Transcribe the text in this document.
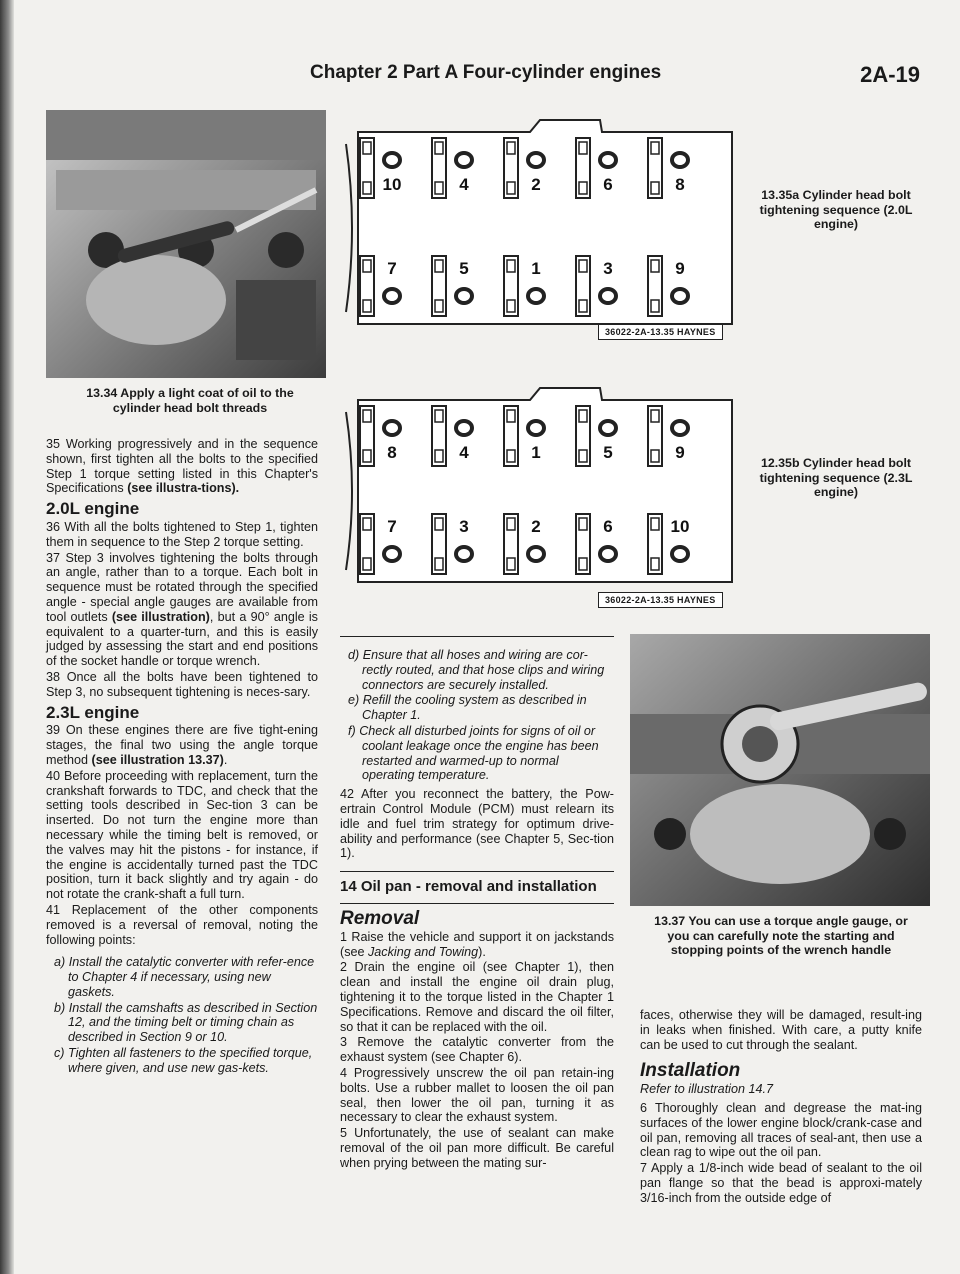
Chapter 2 Part A Four-cylinder engines	2A-19
13.34 Apply a light coat of oil to the cylinder head bolt threads
10	4	2	6	8
7	5	1	3	9
36022-2A-13.35 HAYNES
13.35a Cylinder head bolt tightening sequence (2.0L engine)
8	4	1	5	9
7	3	2	6	10
36022-2A-13.35 HAYNES
12.35b Cylinder head bolt tightening sequence (2.3L engine)
13.37 You can use a torque angle gauge, or you can carefully note the starting and stopping points of the wrench handle

35 Working progressively and in the sequence shown, first tighten all the bolts to the specified Step 1 torque setting listed in this Chapter's Specifications (see illustra-tions).

2.0L engine

36 With all the bolts tightened to Step 1, tighten them in sequence to the Step 2 torque setting.

37 Step 3 involves tightening the bolts through an angle, rather than to a torque. Each bolt in sequence must be rotated through the specified angle - special angle gauges are available from tool outlets (see illustration), but a 90° angle is equivalent to a quarter-turn, and this is easily judged by assessing the start and end positions of the socket handle or torque wrench.

38 Once all the bolts have been tightened to Step 3, no subsequent tightening is neces-sary.

2.3L engine

39 On these engines there are five tight-ening stages, the final two using the angle torque method (see illustration 13.37).

40 Before proceeding with replacement, turn the crankshaft forwards to TDC, and check that the setting tools described in Sec-tion 3 can be inserted. Do not turn the engine more than necessary while the timing belt is removed, or the valves may hit the pistons - for instance, if the engine is accidentally turned past the TDC position, turn it back slightly and try again - do not rotate the crank-shaft a full turn.

41 Replacement of the other components removed is a reversal of removal, noting the following points:

a) Install the catalytic converter with refer-ence to Chapter 4 if necessary, using new gaskets.
b) Install the camshafts as described in Section 12, and the timing belt or timing chain as described in Section 9 or 10.
c) Tighten all fasteners to the specified torque, where given, and use new gas-kets.
d) Ensure that all hoses and wiring are cor-rectly routed, and that hose clips and wiring connectors are securely installed.
e) Refill the cooling system as described in Chapter 1.
f) Check all disturbed joints for signs of oil or coolant leakage once the engine has been restarted and warmed-up to normal operating temperature.

42 After you reconnect the battery, the Pow-ertrain Control Module (PCM) must relearn its idle and fuel trim strategy for optimum drive-ability and performance (see Chapter 5, Sec-tion 1).

14 Oil pan - removal and installation
Removal

1 Raise the vehicle and support it on jackstands (see Jacking and Towing).

2 Drain the engine oil (see Chapter 1), then clean and install the engine oil drain plug, tightening it to the torque listed in the Chapter 1 Specifications. Remove and discard the oil filter, so that it can be replaced with the oil.

3 Remove the catalytic converter from the exhaust system (see Chapter 6).

4 Progressively unscrew the oil pan retain-ing bolts. Use a rubber mallet to loosen the oil pan seal, then lower the oil pan, turning it as necessary to clear the exhaust system.

5 Unfortunately, the use of sealant can make removal of the oil pan more difficult. Be careful when prying between the mating sur-

faces, otherwise they will be damaged, result-ing in leaks when finished. With care, a putty knife can be used to cut through the sealant.

Installation
Refer to illustration 14.7

6 Thoroughly clean and degrease the mat-ing surfaces of the lower engine block/crank-case and oil pan, removing all traces of seal-ant, then use a clean rag to wipe out the oil pan.

7 Apply a 1/8-inch wide bead of sealant to the oil pan flange so that the bead is approxi-mately 3/16-inch from the outside edge of
